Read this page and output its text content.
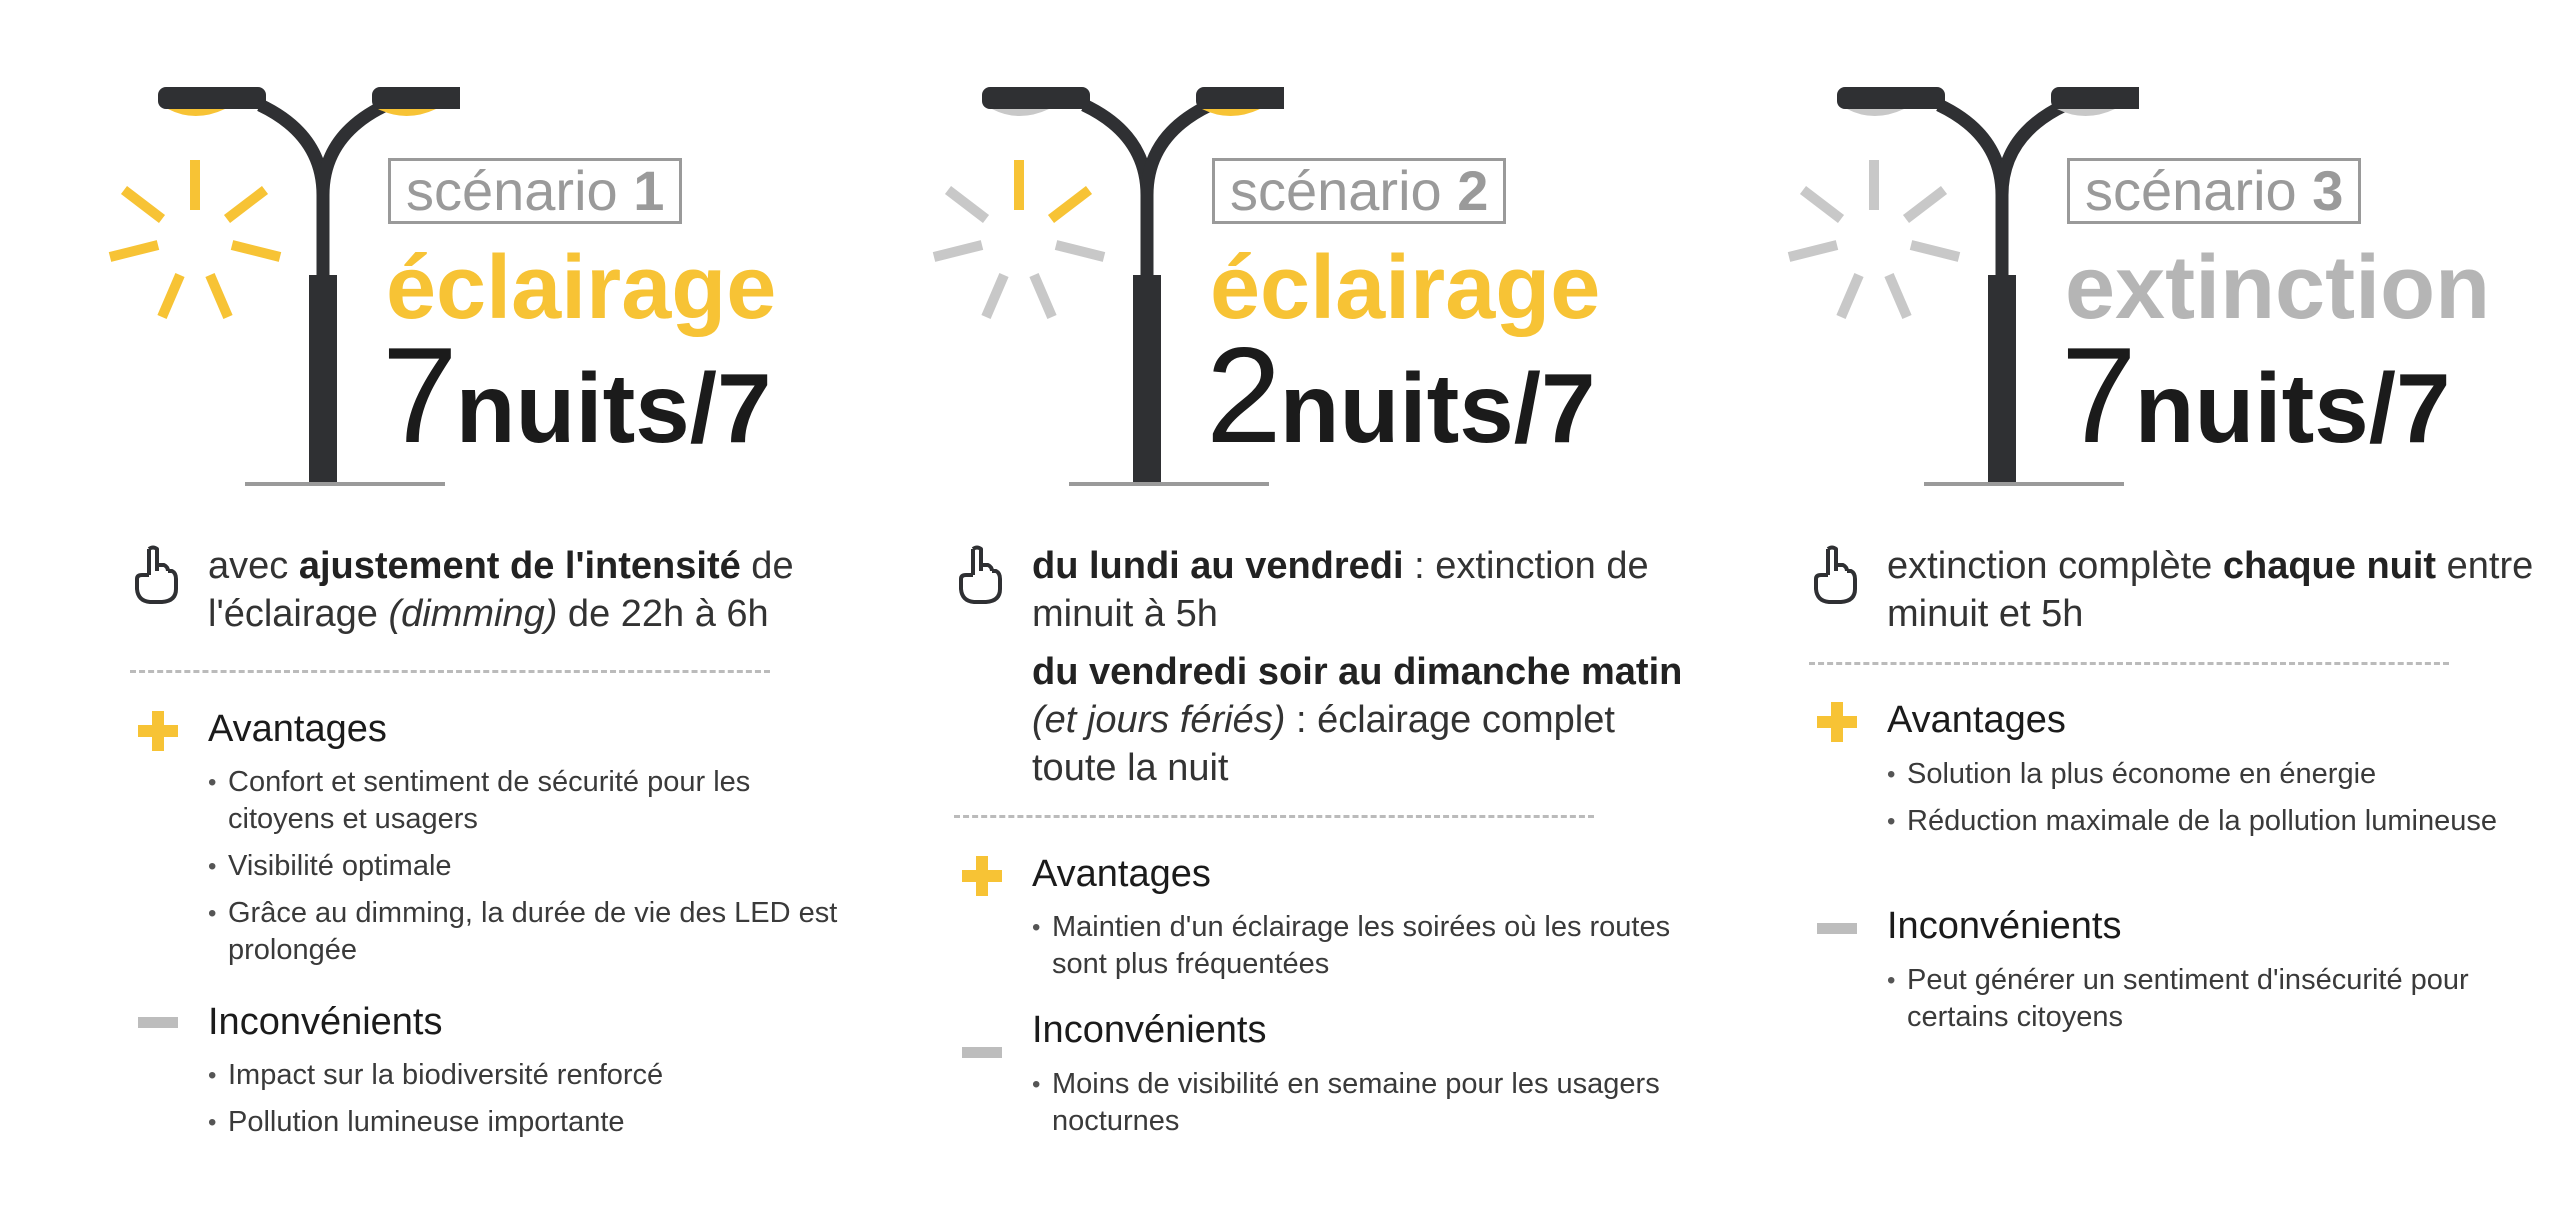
scénario 1
éclairage
7nuits/7
avec ajustement de l'intensité de l'éclairage (dimming) de 22h à 6h
Avantages
• Confort et sentiment de sécurité pour les citoyens et usagers
• Visibilité optimale
• Grâce au dimming, la durée de vie des LED est prolongée
Inconvénients
• Impact sur la biodiversité renforcé
• Pollution lumineuse importante
scénario 2
éclairage
2nuits/7
du lundi au vendredi : extinction de minuit à 5h
du vendredi soir au dimanche matin (et jours fériés) : éclairage complet toute la nuit
Avantages
• Maintien d'un éclairage les soirées où les routes sont plus fréquentées
Inconvénients
• Moins de visibilité en semaine pour les usagers nocturnes
scénario 3
extinction
7nuits/7
extinction complète chaque nuit entre minuit et 5h
Avantages
• Solution la plus économe en énergie
• Réduction maximale de la pollution lumineuse
Inconvénients
• Peut générer un sentiment d'insécurité pour certains citoyens
